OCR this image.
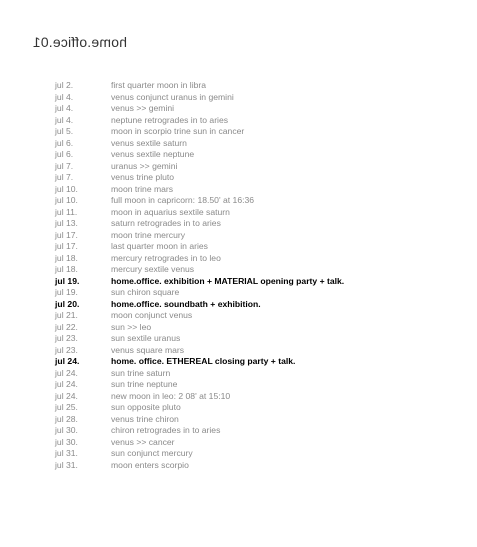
home.office.01
jul 2.	first quarter moon in libra
jul 4.	venus conjunct uranus in gemini
jul 4.	venus >> gemini
jul 4.	neptune retrogrades in to aries
jul 5.	moon in scorpio trine sun in cancer
jul 6.	venus sextile saturn
jul 6.	venus sextile neptune
jul 7.	uranus >> gemini
jul 7.	venus trine pluto
jul 10.	moon trine mars
jul 10.	full moon in capricorn: 18.50' at 16:36
jul 11.	moon in aquarius sextile saturn
jul 13.	saturn retrogrades in to aries
jul 17.	moon trine mercury
jul 17.	last quarter moon in aries
jul 18.	mercury retrogrades in to leo
jul 18.	mercury sextile venus
jul 19.	home.office. exhibition + MATERIAL opening party + talk.
jul 19.	sun chiron square
jul 20.	home.office. soundbath + exhibition.
jul 21.	moon conjunct venus
jul 22.	sun >> leo
jul 23.	sun sextile uranus
jul 23.	venus square mars
jul 24.	home. office. ETHEREAL closing party + talk.
jul 24.	sun trine saturn
jul 24.	sun trine neptune
jul 24.	new moon in leo: 2 08' at 15:10
jul 25.	sun opposite pluto
jul 28.	venus trine chiron
jul 30.	chiron retrogrades in to aries
jul 30.	venus >> cancer
jul 31.	sun conjunct mercury
jul 31.	moon enters scorpio
